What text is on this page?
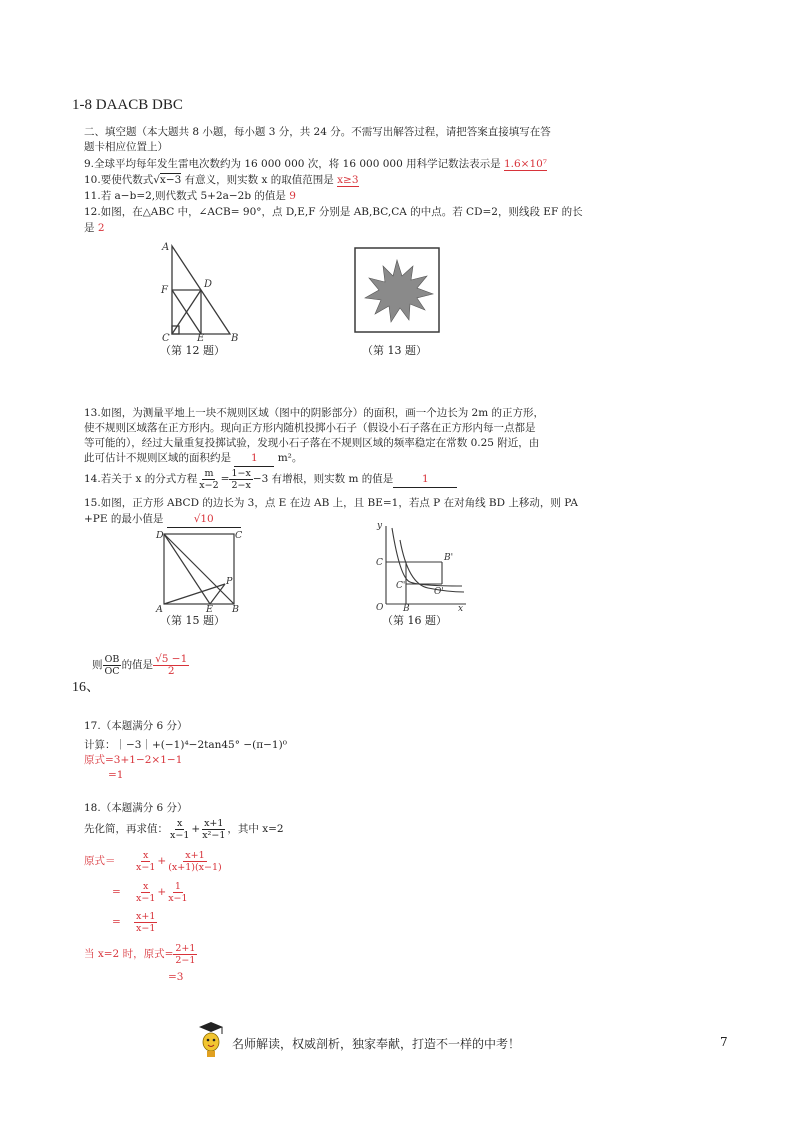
1-8 DAACB DBC
二、填空题（本大题共 8 小题，每小题 3 分，共 24 分。不需写出解答过程，请把答案直接填写在答
题卡相应位置上）
9.全球平均每年发生雷电次数约为 16 000 000 次，将 16 000 000 用科学记数法表示是 1.6×10⁷
10.要使代数式√x−3 有意义，则实数 x 的取值范围是 x≥3
11.若 a−b=2,则代数式 5+2a−2b 的值是 9
12.如图，在△ABC 中，∠ACB= 90°，点 D,E,F 分别是 AB,BC,CA 的中点。若 CD=2，则线段 EF 的长
是 2
A
D
F
C	E	B
（第 12 题）	（第 13 题）
13.如图，为测量平地上一块不规则区域（图中的阴影部分）的面积，画一个边长为 2m 的正方形，
使不规则区域落在正方形内。现向正方形内随机投掷小石子（假设小石子落在正方形内每一点都是
等可能的），经过大量重复投掷试验，发现小石子落在不规则区域的频率稳定在常数 0.25 附近，由
此可估计不规则区域的面积约是 1 m²。
14.若关于 x 的分式方程 $\frac{m}{x-2} = \frac{1-x}{2-x} -3$ 有增根，则实数 m 的值是	1
15.如图，正方形 ABCD 的边长为 3，点 E 在边 AB 上，且 BE=1，若点 P 在对角线 BD 上移动，则 PA
+PE 的最小值是	√10
D	C
P
A	E B
（第 15 题）
y
C	B'
C'
O'
O B	x
（第 16 题）
则 $\frac{OB}{OC}$ 的值是 $\frac{√5 -1}{2}$
16、
17.（本题满分 6 分）
计算：｜−3｜+(−1)⁴−2tan45° −(π−1)⁰
原式=3+1−2×1−1
=1
18.（本题满分 6 分）
先化简，再求值： $\frac{x}{x-1} + \frac{x+1}{\text{x²−1}}$ ，其中 x=2
原式＝	$\frac{x}{x-1} + \frac{x+1}{(x+1)(x-1)}$
=	$\frac{x}{x-1} + \frac{1}{x-1}$
=	$\frac{x+1}{x-1}$
当 x=2 时，原式= $\frac{2+1}{2-1}$
=3
名师解读，权威剖析，独家奉献，打造不一样的中考！	7
